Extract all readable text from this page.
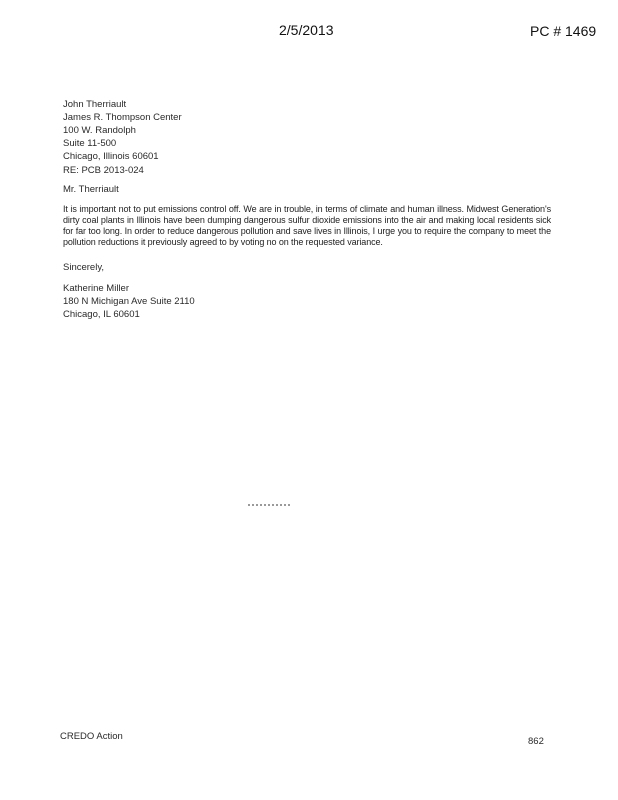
2/5/2013	PC # 1469
John Therriault
James R. Thompson Center
100 W. Randolph
Suite 11-500
Chicago, Illinois 60601
RE: PCB 2013-024
Mr. Therriault
It is important not to put emissions control off. We are in trouble, in terms of climate and human illness. Midwest Generation's dirty coal plants in Illinois have been dumping dangerous sulfur dioxide emissions into the air and making local residents sick for far too long. In order to reduce dangerous pollution and save lives in Illinois, I urge you to require the company to meet the pollution reductions it previously agreed to by voting no on the requested variance.
Sincerely,
Katherine Miller
180 N Michigan Ave Suite 2110
Chicago, IL 60601
CREDO Action	862
